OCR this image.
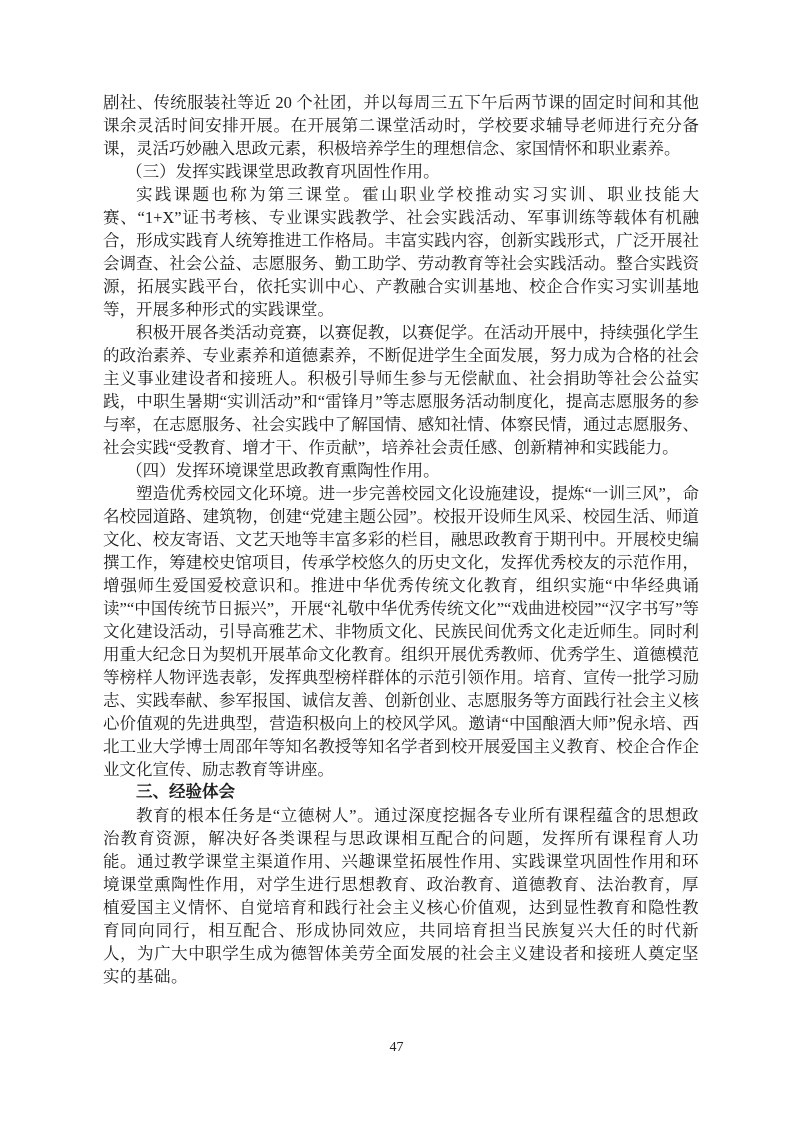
剧社、传统服装社等近 20 个社团，并以每周三五下午后两节课的固定时间和其他课余灵活时间安排开展。在开展第二课堂活动时，学校要求辅导老师进行充分备课，灵活巧妙融入思政元素，积极培养学生的理想信念、家国情怀和职业素养。

（三）发挥实践课堂思政教育巩固性作用。

实践课题也称为第三课堂。霍山职业学校推动实习实训、职业技能大赛、“1+X”证书考核、专业课实践教学、社会实践活动、军事训练等载体有机融合，形成实践育人统筹推进工作格局。丰富实践内容，创新实践形式，广泛开展社会调查、社会公益、志愿服务、勤工助学、劳动教育等社会实践活动。整合实践资源，拓展实践平台，依托实训中心、产教融合实训基地、校企合作实习实训基地等，开展多种形式的实践课堂。

积极开展各类活动竞赛，以赛促教，以赛促学。在活动开展中，持续强化学生的政治素养、专业素养和道德素养，不断促进学生全面发展，努力成为合格的社会主义事业建设者和接班人。积极引导师生参与无偿献血、社会捐助等社会公益实践，中职生暑期“实训活动”和“雷锋月”等志愿服务活动制度化，提高志愿服务的参与率，在志愿服务、社会实践中了解国情、感知社情、体察民情，通过志愿服务、社会实践“受教育、增才干、作贡献”，培养社会责任感、创新精神和实践能力。

（四）发挥环境课堂思政教育熏陶性作用。

塑造优秀校园文化环境。进一步完善校园文化设施建设，提炼“一训三风”，命名校园道路、建筑物，创建“党建主题公园”。校报开设师生风采、校园生活、师道文化、校友寄语、文艺天地等丰富多彩的栏目，融思政教育于期刊中。开展校史编撰工作，筹建校史馆项目，传承学校悠久的历史文化，发挥优秀校友的示范作用，增强师生爱国爱校意识和。推进中华优秀传统文化教育，组织实施“中华经典诵读”“中国传统节日振兴”，开展“礼敬中华优秀传统文化”“戏曲进校园”“汉字书写”等文化建设活动，引导高雅艺术、非物质文化、民族民间优秀文化走近师生。同时利用重大纪念日为契机开展革命文化教育。组织开展优秀教师、优秀学生、道德模范等榜样人物评选表彰，发挥典型榜样群体的示范引领作用。培育、宣传一批学习励志、实践奉献、参军报国、诚信友善、创新创业、志愿服务等方面践行社会主义核心价值观的先进典型，营造积极向上的校风学风。邀请“中国酿酒大师”倪永培、西北工业大学博士周邵年等知名教授等知名学者到校开展爱国主义教育、校企合作企业文化宣传、励志教育等讲座。

三、经验体会

教育的根本任务是“立德树人”。通过深度挖掘各专业所有课程蕴含的思想政治教育资源，解决好各类课程与思政课相互配合的问题，发挥所有课程育人功能。通过教学课堂主渠道作用、兴趣课堂拓展性作用、实践课堂巩固性作用和环境课堂熏陶性作用，对学生进行思想教育、政治教育、道德教育、法治教育，厚植爱国主义情怀、自觉培育和践行社会主义核心价值观，达到显性教育和隐性教育同向同行，相互配合、形成协同效应，共同培育担当民族复兴大任的时代新人，为广大中职学生成为德智体美劳全面发展的社会主义建设者和接班人奠定坚实的基础。

47
